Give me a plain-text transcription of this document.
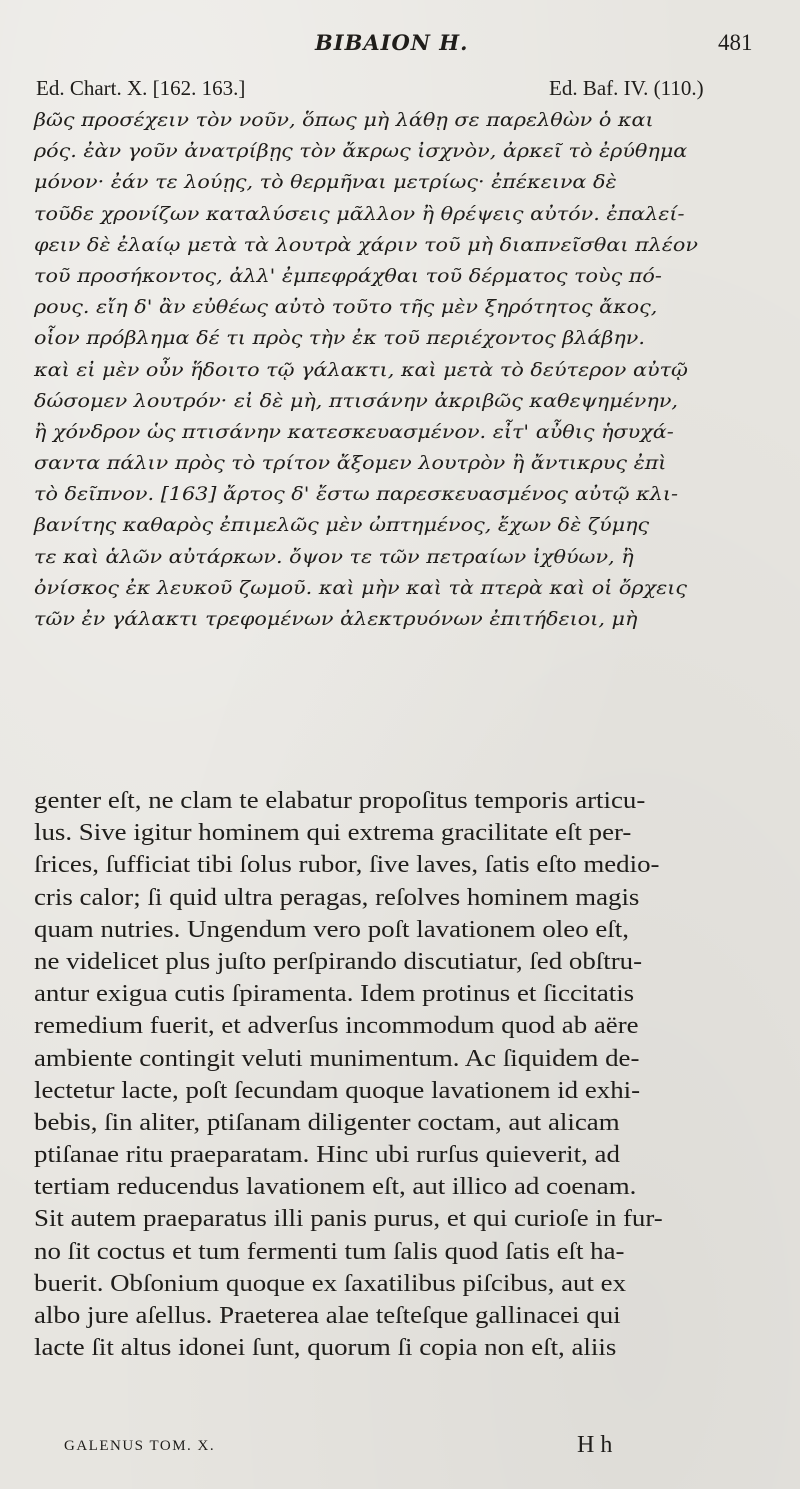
BIBAION H.	481
Ed. Chart. X. [162. 163.]	Ed. Baf. IV. (110.)
βῶς προσέχειν τὸν νοῦν, ὅπως μὴ λάθῃ σε παρελθὼν ὁ και
ρός. ἐὰν γοῦν ἀνατρίβῃς τὸν ἄκρως ἰσχνὸν, ἀρκεῖ τὸ ἐρύθημα
μόνον· ἐάν τε λούῃς, τὸ θερμῆναι μετρίως· ἐπέκεινα δὲ
τοῦδε χρονίζων καταλύσεις μᾶλλον ἢ θρέψεις αὐτόν. ἐπαλεί-
φειν δὲ ἐλαίῳ μετὰ τὰ λουτρὰ χάριν τοῦ μὴ διαπνεῖσθαι πλέον
τοῦ προσήκοντος, ἀλλ' ἐμπεφράχθαι τοῦ δέρματος τοὺς πό-
ρους. εἴη δ' ἂν εὐθέως αὐτὸ τοῦτο τῆς μὲν ξηρότητος ἄκος,
οἷον πρόβλημα δέ τι πρὸς τὴν ἐκ τοῦ περιέχοντος βλάβην.
καὶ εἰ μὲν οὖν ἥδοιτο τῷ γάλακτι, καὶ μετὰ τὸ δεύτερον αὐτῷ
δώσομεν λουτρόν· εἰ δὲ μὴ, πτισάνην ἀκριβῶς καθεψημένην,
ἢ χόνδρον ὡς πτισάνην κατεσκευασμένον. εἶτ' αὖθις ἡσυχά-
σαντα πάλιν πρὸς τὸ τρίτον ἄξομεν λουτρὸν ἢ ἄντικρυς ἐπὶ
τὸ δεῖπνον. [163] ἄρτος δ' ἔστω παρεσκευασμένος αὐτῷ κλι-
βανίτης καθαρὸς ἐπιμελῶς μὲν ὠπτημένος, ἔχων δὲ ζύμης
τε καὶ ἁλῶν αὐτάρκων. ὄψον τε τῶν πετραίων ἰχθύων, ἢ
ὀνίσκος ἐκ λευκοῦ ζωμοῦ. καὶ μὴν καὶ τὰ πτερὰ καὶ οἱ ὄρχεις
τῶν ἐν γάλακτι τρεφομένων ἀλεκτρυόνων ἐπιτήδειοι, μὴ
genter eſt, ne clam te elabatur propoſitus temporis articu-
lus. Sive igitur hominem qui extrema gracilitate eſt per-
ſrices, ſufficiat tibi ſolus rubor, ſive laves, ſatis eſto medio-
cris calor; ſi quid ultra peragas, reſolves hominem magis
quam nutries. Ungendum vero poſt lavationem oleo eſt,
ne videlicet plus juſto perſpirando discutiatur, ſed obſtru-
antur exigua cutis ſpiramenta. Idem protinus et ſiccitatis
remedium fuerit, et adverſus incommodum quod ab aëre
ambiente contingit veluti munimentum. Ac ſiquidem de-
lectetur lacte, poſt ſecundam quoque lavationem id exhi-
bebis, ſin aliter, ptiſanam diligenter coctam, aut alicam
ptiſanae ritu praeparatam. Hinc ubi rurſus quieverit, ad
tertiam reducendus lavationem eſt, aut illico ad coenam.
Sit autem praeparatus illi panis purus, et qui curioſe in fur-
no ſit coctus et tum fermenti tum ſalis quod ſatis eſt ha-
buerit. Obſonium quoque ex ſaxatilibus piſcibus, aut ex
albo jure aſellus. Praeterea alae teſteſque gallinacei qui
lacte ſit altus idonei ſunt, quorum ſi copia non eſt, aliis
GALENUS TOM. X.	H h
